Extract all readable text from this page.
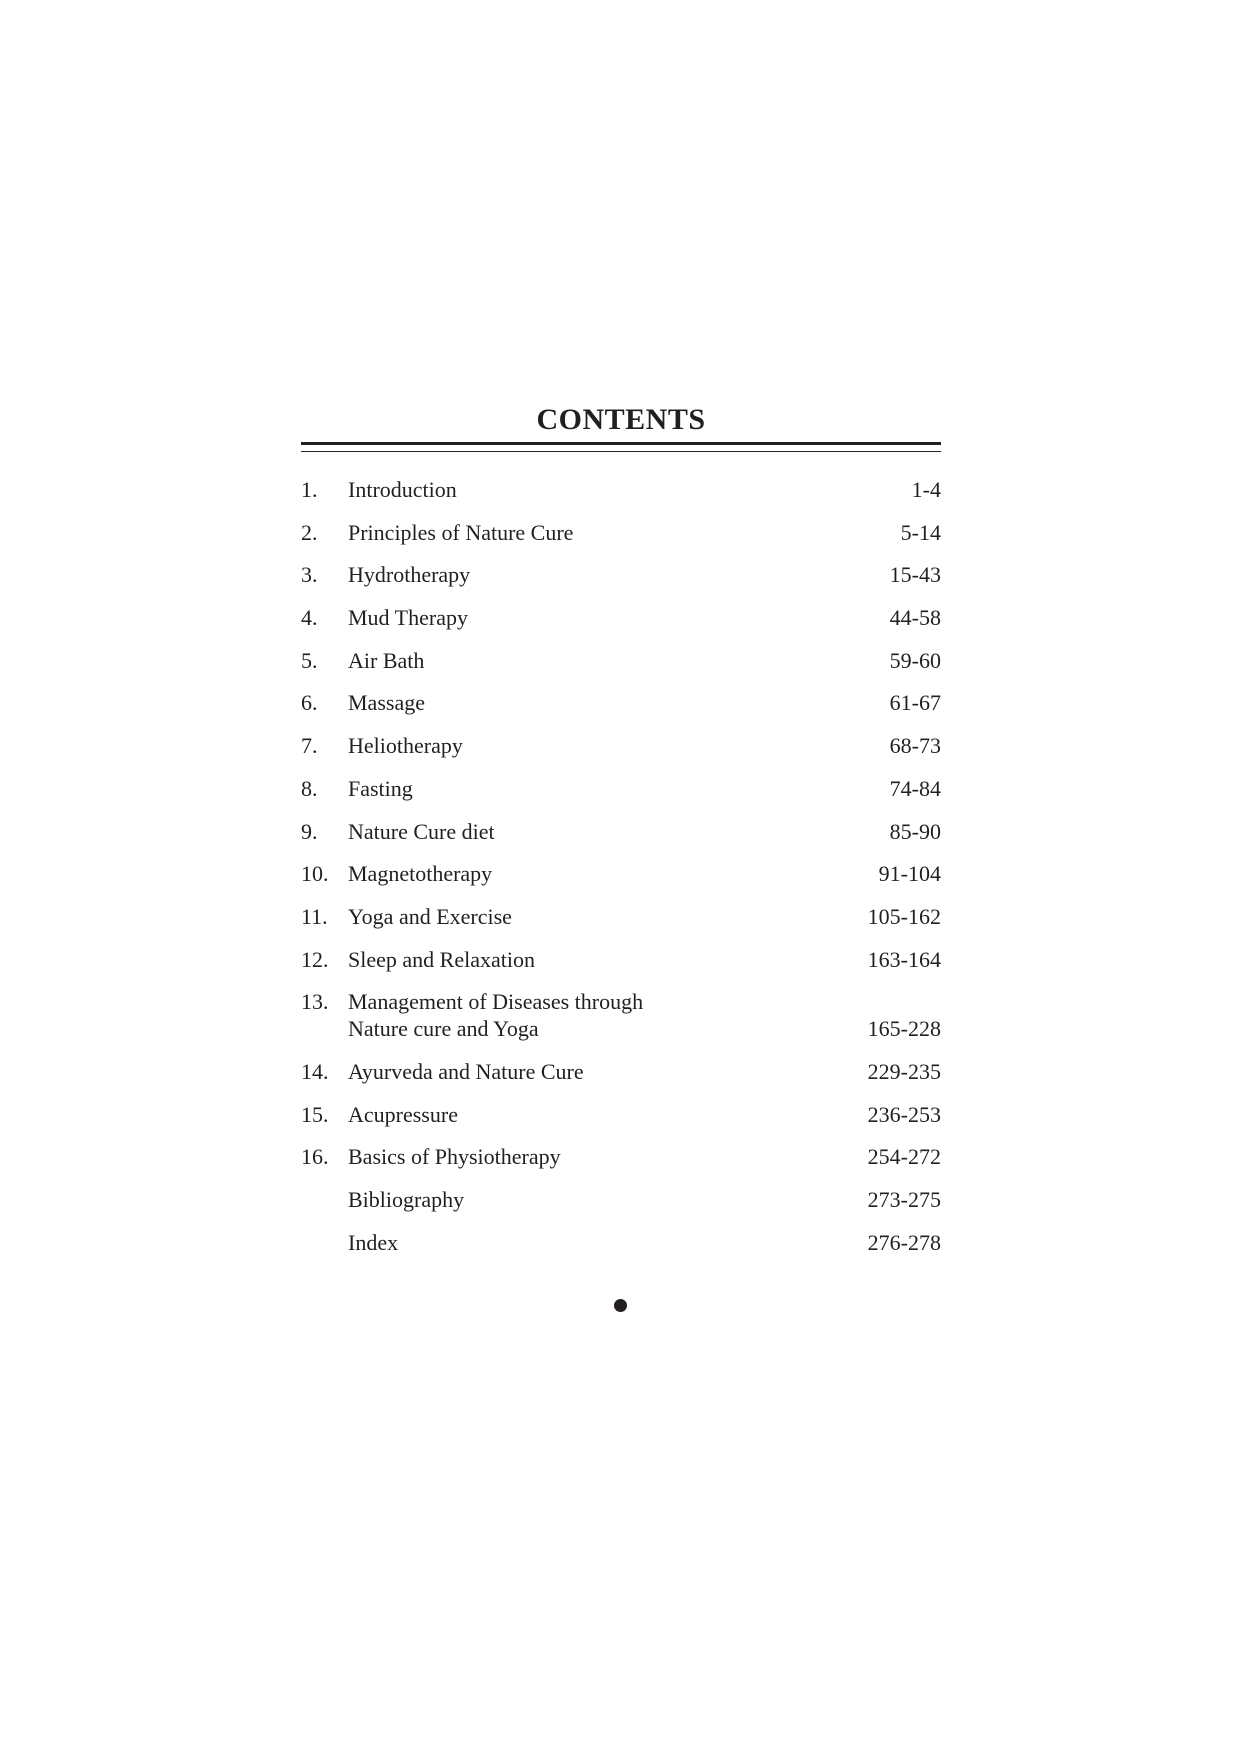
CONTENTS
1.	Introduction	1-4
2.	Principles of Nature Cure	5-14
3.	Hydrotherapy	15-43
4.	Mud Therapy	44-58
5.	Air Bath	59-60
6.	Massage	61-67
7.	Heliotherapy	68-73
8.	Fasting	74-84
9.	Nature Cure diet	85-90
10. Magnetotherapy	91-104
11. Yoga and Exercise	105-162
12. Sleep and Relaxation	163-164
13. Management of Diseases through
Nature cure and Yoga	165-228
14. Ayurveda and Nature Cure	229-235
15. Acupressure	236-253
16. Basics of Physiotherapy	254-272
Bibliography	273-275
Index	276-278
